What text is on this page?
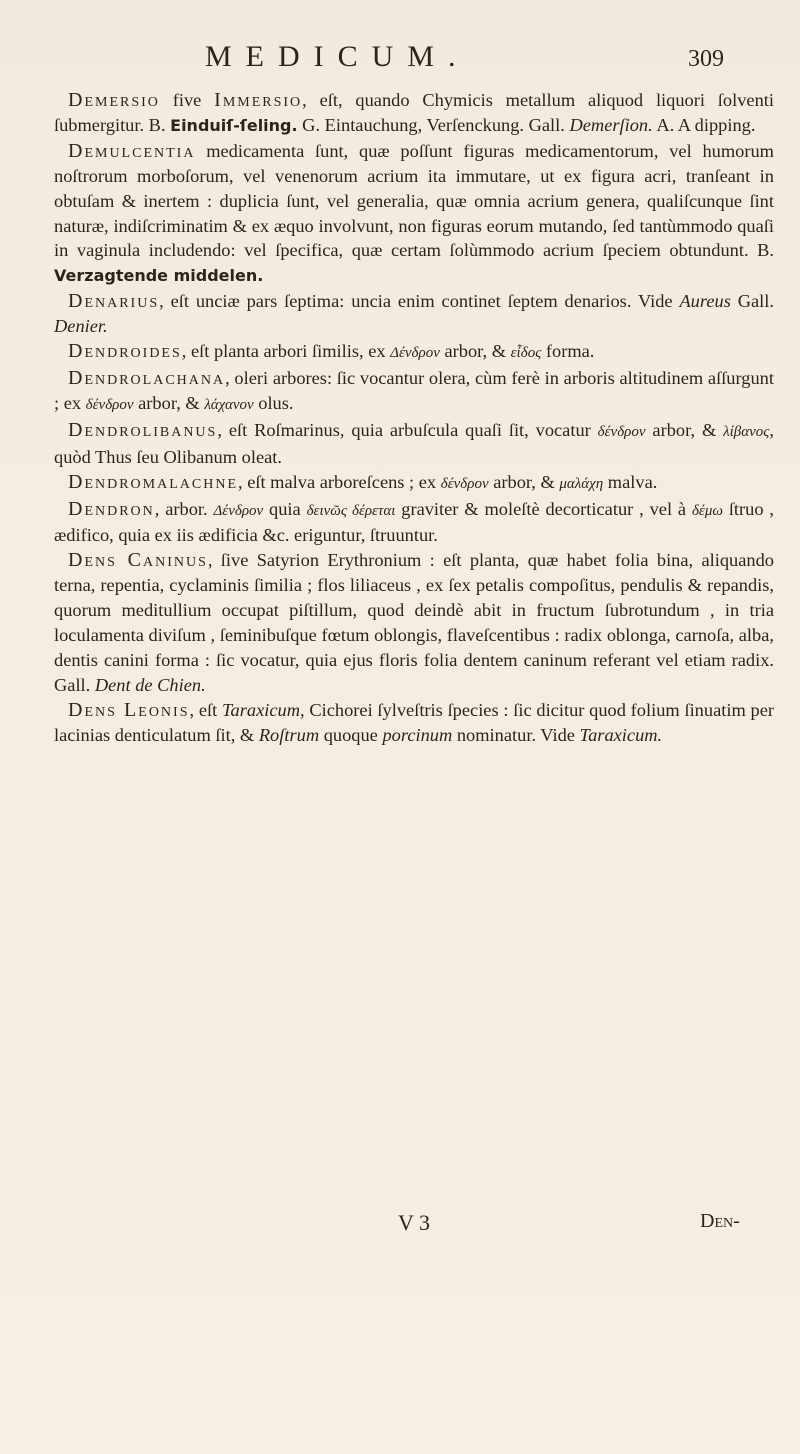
MEDICUM.	309

Demersio five Immersio, eſt, quando Chymicis metallum aliquod liquori ſolventi ſubmergitur. B. Einduiſ-ſeling. G. Eintauchung, Verſenckung. Gall. Demerſion. A. A dipping.

Demulcentia medicamenta ſunt, quæ poſſunt figuras medicamentorum, vel humorum noſtrorum morboſorum, vel venenorum acrium ita immutare, ut ex figura acri, tranſeant in obtuſam & inertem : duplicia ſunt, vel generalia, quæ omnia acrium genera, qualiſcunque ſint naturæ, indiſcriminatim & ex æquo involvunt, non figuras eorum mutando, ſed tantùmmodo quaſi in vaginula includendo: vel ſpecifica, quæ certam ſolùmmodo acrium ſpeciem obtundunt. B. Verzagtende middelen.

Denarius, eſt unciæ pars ſeptima: uncia enim continet ſeptem denarios. Vide Aureus Gall. Denier.

Dendroides, eſt planta arbori ſimilis, ex Δένδρον arbor, & εἶδος forma.

Dendrolachana, oleri arbores: ſic vocantur olera, cùm ferè in arboris altitudinem aſſurgunt ; ex δένδρον arbor, & λάχανον olus.

Dendrolibanus, eſt Roſmarinus, quia arbuſcula quaſi ſit, vocatur δένδρον arbor, & λίβανος, quòd Thus ſeu Olibanum oleat.

Dendromalachne, eſt malva arboreſcens ; ex δένδρον arbor, & μαλάχη malva.

Dendron, arbor. Δένδρον quia δεινῶς δέρεται graviter & moleſtè decorticatur , vel à δέμω ſtruo , ædifico, quia ex iis ædificia &c. eriguntur, ſtruuntur.

Dens Caninus, ſive Satyrion Erythronium : eſt planta, quæ habet folia bina, aliquando terna, repentia, cyclaminis ſimilia ; flos liliaceus , ex ſex petalis compoſitus, pendulis & repandis, quorum meditullium occupat piſtillum, quod deindè abit in fructum ſubrotundum , in tria loculamenta diviſum , ſeminibuſque fœtum oblongis, flaveſcentibus : radix oblonga, carnoſa, alba, dentis canini forma : ſic vocatur, quia ejus floris folia dentem caninum referant vel etiam radix. Gall. Dent de Chien.

Dens Leonis, eſt Taraxicum, Cichorei ſylveſtris ſpecies : ſic dicitur quod folium ſinuatim per lacinias denticulatum ſit, & Roſtrum quoque porcinum nominatur. Vide Taraxicum.

V 3	Den-
